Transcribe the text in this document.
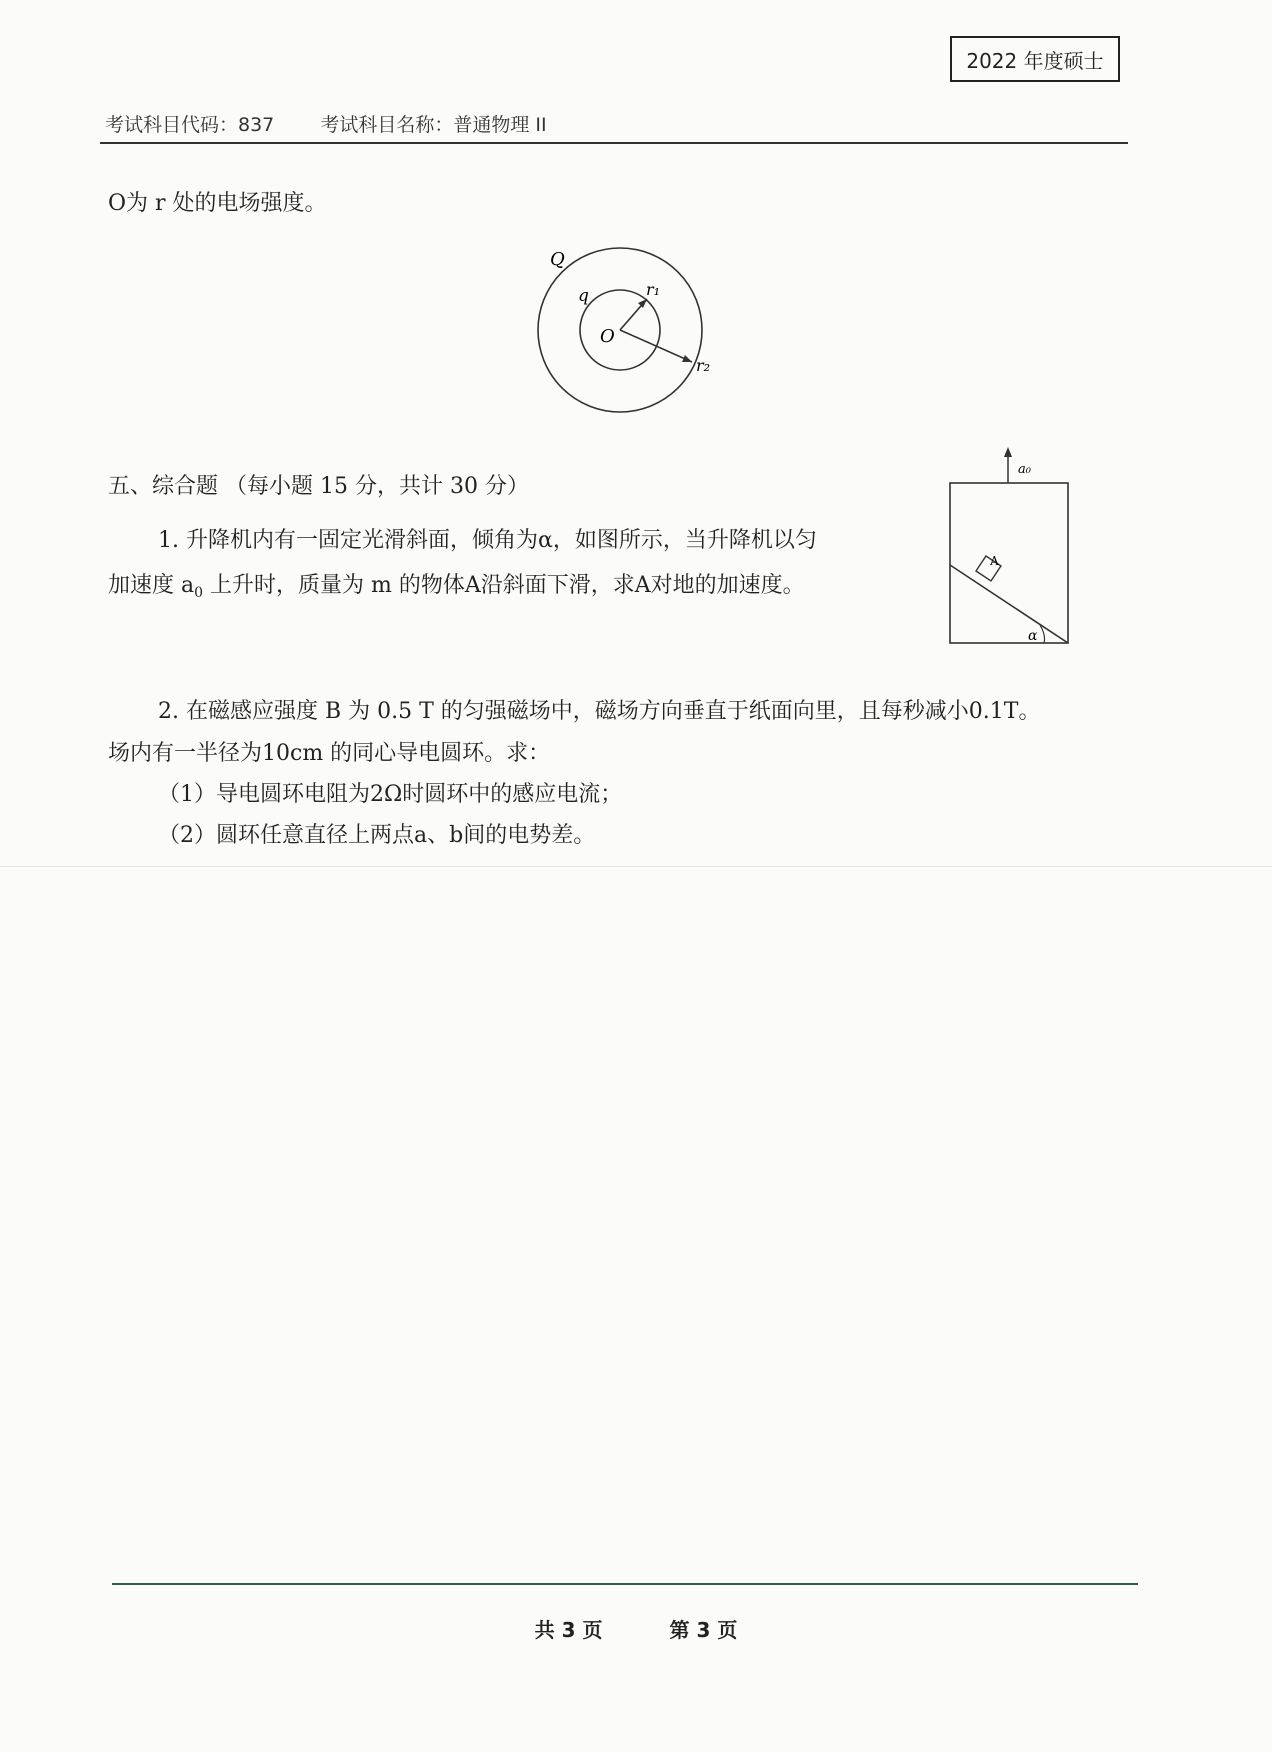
2022 年度硕士
考试科目代码：837 考试科目名称：普通物理 II
O为 r 处的电场强度。
Q
q
O
r₁
r₂
五、综合题 （每小题 15 分，共计 30 分）
1. 升降机内有一固定光滑斜面，倾角为α，如图所示，当升降机以匀
加速度 $a_0$ 上升时，质量为 m 的物体A沿斜面下滑，求A对地的加速度。
a₀
A
α
2. 在磁感应强度 B 为 0.5 T 的匀强磁场中，磁场方向垂直于纸面向里，且每秒减小0.1T。
场内有一半径为10cm 的同心导电圆环。求：
（1）导电圆环电阻为2Ω时圆环中的感应电流；
（2）圆环任意直径上两点a、b间的电势差。
共 3 页	第 3 页
